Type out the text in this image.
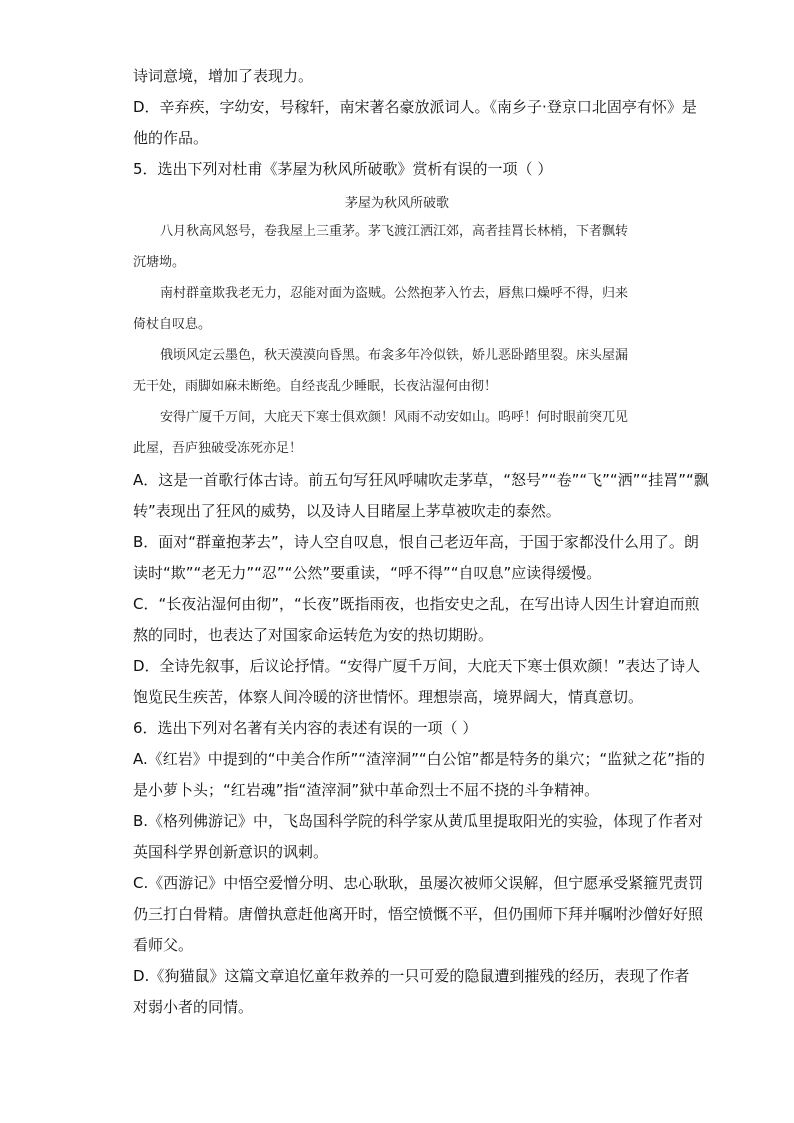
诗词意境，增加了表现力。
D．辛弃疾，字幼安，号稼轩，南宋著名豪放派词人。《南乡子·登京口北固亭有怀》是
他的作品。
5．选出下列对杜甫《茅屋为秋风所破歌》赏析有误的一项（ ）
茅屋为秋风所破歌
八月秋高风怒号，卷我屋上三重茅。茅飞渡江洒江郊，高者挂罥长林梢，下者飘转
沉塘坳。
南村群童欺我老无力，忍能对面为盗贼。公然抱茅入竹去，唇焦口燥呼不得，归来
倚杖自叹息。
俄顷风定云墨色，秋天漠漠向昏黑。布衾多年冷似铁，娇儿恶卧踏里裂。床头屋漏
无干处，雨脚如麻未断绝。自经丧乱少睡眠，长夜沾湿何由彻！
安得广厦千万间，大庇天下寒士俱欢颜！风雨不动安如山。呜呼！何时眼前突兀见
此屋，吾庐独破受冻死亦足！
A．这是一首歌行体古诗。前五句写狂风呼啸吹走茅草，“怒号”“卷”“飞”“洒”“挂罥”“飘
转”表现出了狂风的威势，以及诗人目睹屋上茅草被吹走的泰然。
B．面对“群童抱茅去”，诗人空自叹息，恨自己老迈年高，于国于家都没什么用了。朗
读时“欺”“老无力”“忍”“公然”要重读，“呼不得”“自叹息”应读得缓慢。
C．“长夜沾湿何由彻”，“长夜”既指雨夜，也指安史之乱，在写出诗人因生计窘迫而煎
熬的同时，也表达了对国家命运转危为安的热切期盼。
D．全诗先叙事，后议论抒情。“安得广厦千万间，大庇天下寒士俱欢颜！”表达了诗人
饱览民生疾苦，体察人间冷暖的济世情怀。理想崇高，境界阔大，情真意切。
6．选出下列对名著有关内容的表述有误的一项（ ）
A.《红岩》中提到的“中美合作所”“渣滓洞”“白公馆”都是特务的巢穴；“监狱之花”指的
是小萝卜头；“红岩魂”指“渣滓洞”狱中革命烈士不屈不挠的斗争精神。
B.《格列佛游记》中，飞岛国科学院的科学家从黄瓜里提取阳光的实验，体现了作者对
英国科学界创新意识的讽刺。
C.《西游记》中悟空爱憎分明、忠心耿耿，虽屡次被师父误解，但宁愿承受紧箍咒责罚
仍三打白骨精。唐僧执意赶他离开时，悟空愤慨不平，但仍围师下拜并嘱咐沙僧好好照
看师父。
D.《狗猫鼠》这篇文章追忆童年救养的一只可爱的隐鼠遭到摧残的经历，表现了作者
对弱小者的同情。
